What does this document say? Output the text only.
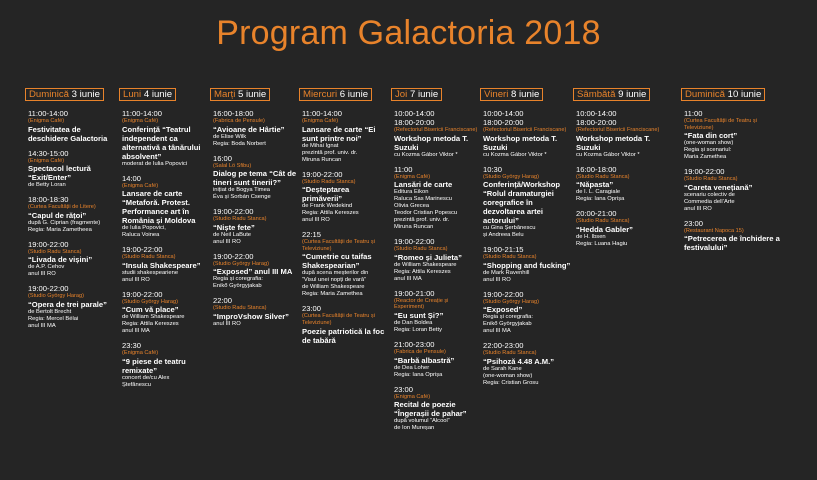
Program Galactoria 2018
Duminică 3 iunie
11:00-14:00
(Enigma Café)
Festivitatea de deschidere Galactoria
14:30-15:00
(Enigma Café)
Spectacol lectură “Exit/Enter”
de Betty Loran
18:00-18:30
(Curtea Facultății de Litere)
“Capul de rățoi”
după G. Ciprian (fragmente)
Regia: Maria Zametheea
19:00-22:00
(Studio Radu Stanca)
“Livada de vișini”
de A.P. Cehov
anul III RO
19:00-22:00
(Studio György Harag)
“Opera de trei parale”
de Bertolt Brecht
Regia: Mercel Bélai
anul III MA
Luni 4 iunie
11:00-14:00
(Enigma Café)
Conferință “Teatrul independent ca alternativă a tânărului absolvent”
moderat de Iulia Popovici
14:00
(Enigma Café)
Lansare de carte “Metaforă. Protest. Performance art în România și Moldova
de Iulia Popovici,
Raluca Voinea
19:00-22:00
(Studio Radu Stanca)
“Insula Shakespeare”
studii shakespeariene
anul III RO
19:00-22:00
(Studio György Harag)
“Cum vă place”
de William Shakespeare
Regia: Attila Kereszes
anul III MA
23:30
(Enigma Café)
“9 piese de teatru remixate”
concert de/cu Alex
Ștefănescu
Marți 5 iunie
16:00-18:00
(Fabrica de Pensule)
“Avioane de Hârtie”
de Elise Wilk
Regia: Boda Norbert
16:00
(Salal Lö Sfibu)
Dialog pe tema “Cât de tineri sunt tinerii?”
inițiat de Bogya Timea
Éva și Sorbán Csenge
19:00-22:00
(Studio Radu Stanca)
“Niște fete”
de Neil LaBute
anul III RO
19:00-22:00
(Studio György Harag)
“Exposed” anul III MA
Regia și coregrafia:
Enikő Györgyjakab
22:00
(Studio Radu Stanca)
“ImproVshow Silver”
anul III RO
Miercuri 6 iunie
11:00-14:00
(Enigma Café)
Lansare de carte “Ei sunt printre noi”
de Mihai Ignat
prezintă prof. univ. dr.
Miruna Runcan
19:00-22:00
(Studio Radu Stanca)
“Deșteptarea primăverii”
de Frank Wedekind
Regia: Attila Kereszes
anul III RO
22:15
(Curtea Facultății de Teatru și Televiziune)
“Cumetrie cu taifas Shakespearian”
după scena meșterilor din
“Visul unei nopți de vară”
de William Shakespeare
Regia: Maria Zamethea
23:00
(Curtea Facultății de Teatru și Televiziune)
Poezie patriotică la foc de tabără
Joi 7 iunie
10:00-14:00
18:00-20:00
(Refectoriul Bisericii Franciscane)
Workshop metoda T. Suzuki
cu Kozma Gábor Viktor *
11:00
(Enigma Café)
Lansări de carte
Editura Eikon
Raluca Sas Marinescu
Olivia Grecea
Teodor Cristian Popescu
prezintă prof. univ. dr.
Miruna Runcan
19:00-22:00
(Studio Radu Stanca)
“Romeo și Julieta”
de William Shakespeare
Regia: Attila Kereszes
anul III MA
19:00-21:00
(Reactor de Creație și Experiment)
“Eu sunt Și?”
de Dan Boldea
Regia: Loran Betty
21:00-23:00
(Fabrica de Pensule)
“Barbă albastră”
de Dea Loher
Regia: Iana Oprișa
23:00
(Enigma Café)
Recital de poezie “Îngerașii de pahar”
după volumul “Alcool”
de Ion Mureșan
Vineri 8 iunie
10:00-14:00
18:00-20:00
(Refectoriul Bisericii Franciscane)
Workshop metoda T. Suzuki
cu Kozma Gábor Viktor *
10:30
(Studio György Harag)
Conferință/Workshop “Rolul dramaturgiei coregrafice în dezvoltarea artei actorului”
cu Gina Șerbănescu
și Andreea Belu
19:00-21:15
(Studio Radu Stanca)
“Shopping and fucking”
de Mark Ravenhill
anul III RO
19:00-22:00
(Studio György Harag)
“Exposed”
Regia și coregrafia:
Enikő Györgyjakab
anul III MA
22:00-23:00
(Studio Radu Stanca)
“Psihoză 4.48 A.M.”
de Sarah Kane
(one-woman show)
Regia: Cristian Grosu
Sâmbătă 9 iunie
10:00-14:00
18:00-20:00
(Refectoriul Bisericii Franciscane)
Workshop metoda T. Suzuki
cu Kozma Gábor Viktor *
16:00-18:00
(Studio Radu Stanca)
“Năpasta”
de I. L. Caragiale
Regia: Iana Oprișa
20:00-21:00
(Studio Radu Stanca)
“Hedda Gabler”
de H. Ibsen
Regia: Luana Hagiu
Duminică 10 iunie
11:00
(Curtea Facultății de Teatru și Televiziune)
“Fata din cort”
(one-woman show)
Regia și scenariul:
Maria Zamethea
19:00-22:00
(Studio Radu Stanca)
“Careta venețiană”
scenariu colectiv de
Commedia dell’Arte
anul III RO
23:00
(Restaurant Napoca 15)
“Petrecerea de închidere a festivalului”
